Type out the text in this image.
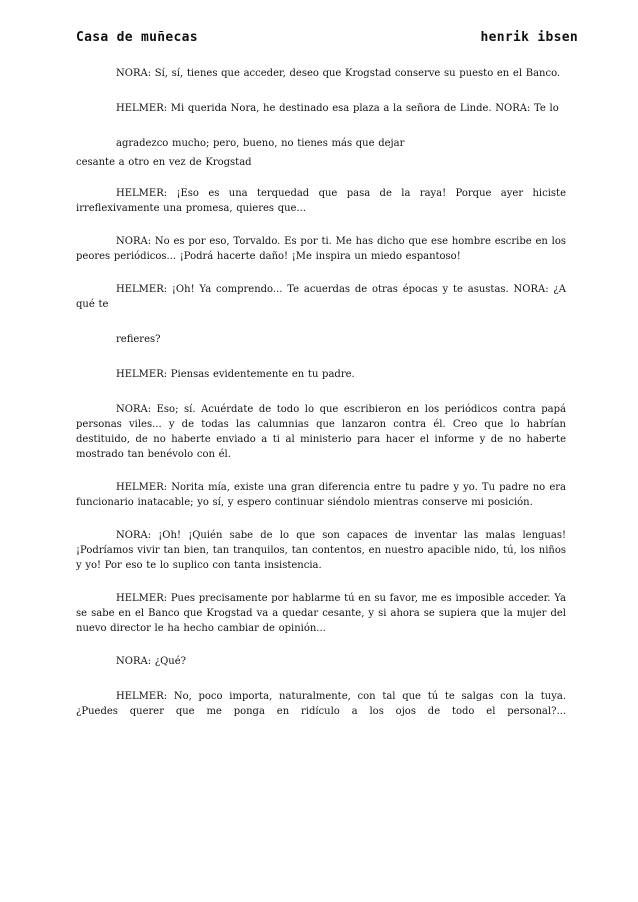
Casa de muñecas	henrik ibsen

NORA: Sí, sí, tienes que acceder, deseo que Krogstad conserve su puesto en el Banco.

HELMER: Mi querida Nora, he destinado esa plaza a la señora de Linde. NORA: Te lo

agradezco mucho; pero, bueno, no tienes más que dejar

cesante a otro en vez de Krogstad

HELMER: ¡Eso es una terquedad que pasa de la raya! Porque ayer hiciste irreflexivamente una promesa, quieres que...

NORA: No es por eso, Torvaldo. Es por ti. Me has dicho que ese hombre escribe en los peores periódicos... ¡Podrá hacerte daño! ¡Me inspira un miedo espantoso!

HELMER: ¡Oh! Ya comprendo... Te acuerdas de otras épocas y te asustas. NORA: ¿A qué te

refieres?

HELMER: Piensas evidentemente en tu padre.

NORA: Eso; sí. Acuérdate de todo lo que escribieron en los periódicos contra papá personas viles... y de todas las calumnias que lanzaron contra él. Creo que lo habrían destituido, de no haberte enviado a ti al ministerio para hacer el informe y de no haberte mostrado tan benévolo con él.

HELMER: Norita mía, existe una gran diferencia entre tu padre y yo. Tu padre no era funcionario inatacable; yo sí, y espero continuar siéndolo mientras conserve mi posición.

NORA: ¡Oh! ¡Quién sabe de lo que son capaces de inventar las malas lenguas! ¡Podríamos vivir tan bien, tan tranquilos, tan contentos, en nuestro apacible nido, tú, los niños y yo! Por eso te lo suplico con tanta insistencia.

HELMER: Pues precisamente por hablarme tú en su favor, me es imposible acceder. Ya se sabe en el Banco que Krogstad va a quedar cesante, y si ahora se supiera que la mujer del nuevo director le ha hecho cambiar de opinión...

NORA: ¿Qué?

HELMER: No, poco importa, naturalmente, con tal que tú te salgas con la tuya. ¿Puedes querer que me ponga en ridículo a los ojos de todo el personal?...
